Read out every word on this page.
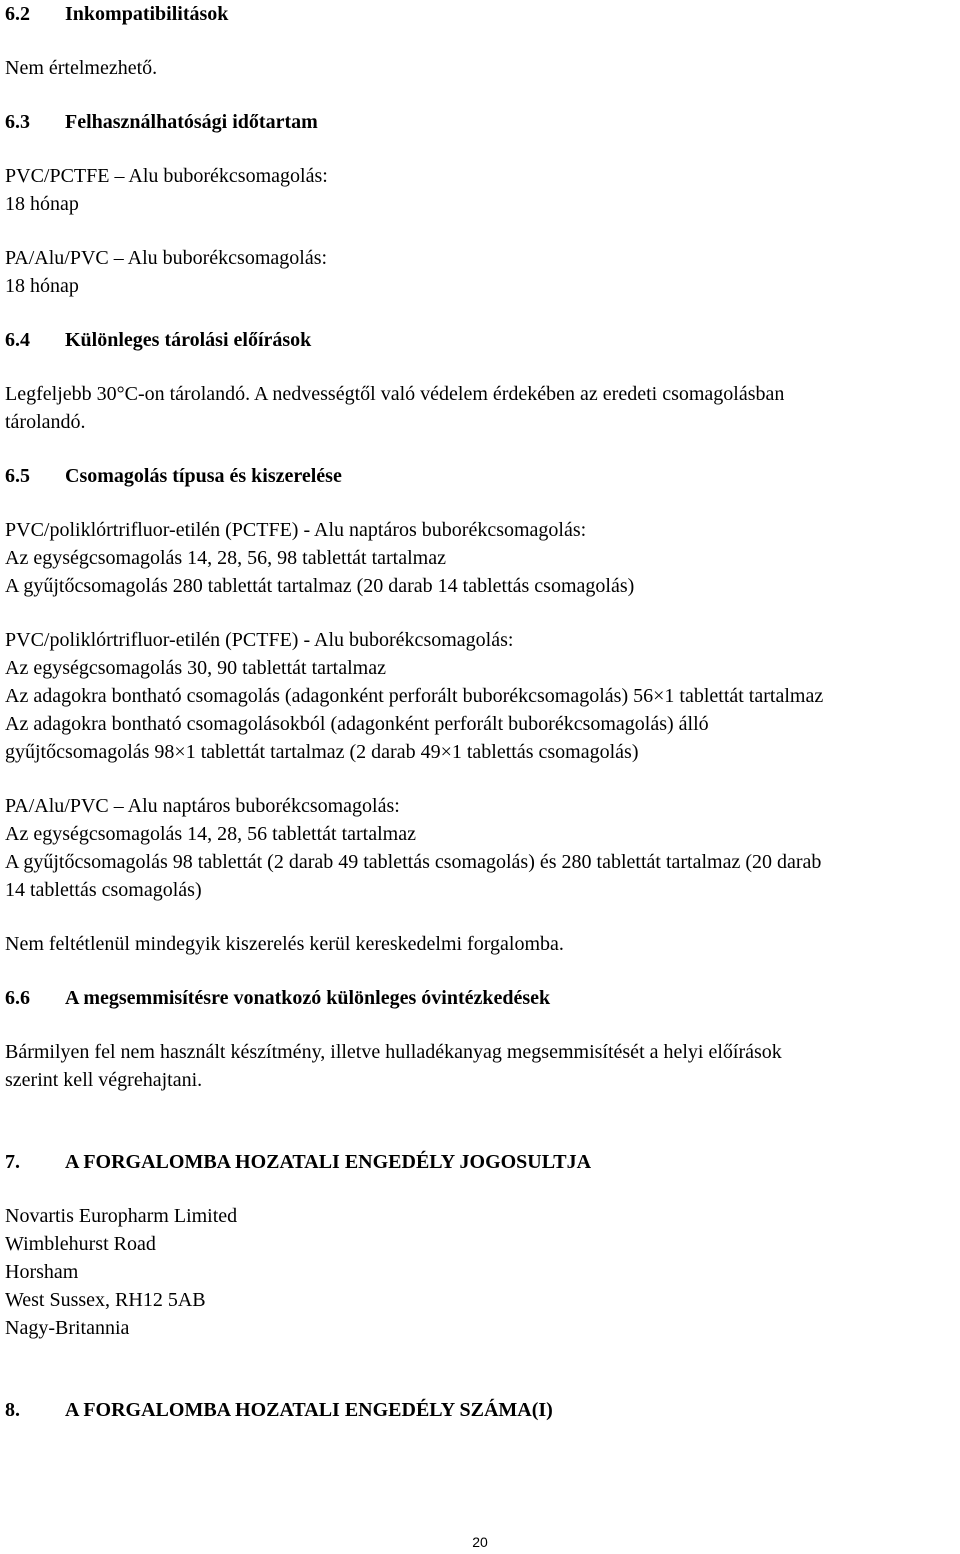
6.2 Inkompatibilitások
Nem értelmezhető.
6.3 Felhasználhatósági időtartam
PVC/PCTFE – Alu buborékcsomagolás:
18 hónap
PA/Alu/PVC – Alu buborékcsomagolás:
18 hónap
6.4 Különleges tárolási előírások
Legfeljebb 30°C-on tárolandó. A nedvességtől való védelem érdekében az eredeti csomagolásban
tárolandó.
6.5 Csomagolás típusa és kiszerelése
PVC/poliklórtrifluor-etilén (PCTFE) - Alu naptáros buborékcsomagolás:
Az egységcsomagolás 14, 28, 56, 98 tablettát tartalmaz
A gyűjtőcsomagolás 280 tablettát tartalmaz (20 darab 14 tablettás csomagolás)
PVC/poliklórtrifluor-etilén (PCTFE) - Alu buborékcsomagolás:
Az egységcsomagolás 30, 90 tablettát tartalmaz
Az adagokra bontható csomagolás (adagonként perforált buborékcsomagolás) 56×1 tablettát tartalmaz
Az adagokra bontható csomagolásokból (adagonként perforált buborékcsomagolás) álló
gyűjtőcsomagolás 98×1 tablettát tartalmaz (2 darab 49×1 tablettás csomagolás)
PA/Alu/PVC – Alu naptáros buborékcsomagolás:
Az egységcsomagolás 14, 28, 56 tablettát tartalmaz
A gyűjtőcsomagolás 98 tablettát (2 darab 49 tablettás csomagolás) és 280 tablettát tartalmaz (20 darab
14 tablettás csomagolás)
Nem feltétlenül mindegyik kiszerelés kerül kereskedelmi forgalomba.
6.6 A megsemmisítésre vonatkozó különleges óvintézkedések
Bármilyen fel nem használt készítmény, illetve hulladékanyag megsemmisítését a helyi előírások
szerint kell végrehajtani.
7. A FORGALOMBA HOZATALI ENGEDÉLY JOGOSULTJA
Novartis Europharm Limited
Wimblehurst Road
Horsham
West Sussex, RH12 5AB
Nagy-Britannia
8. A FORGALOMBA HOZATALI ENGEDÉLY SZÁMA(I)
20
